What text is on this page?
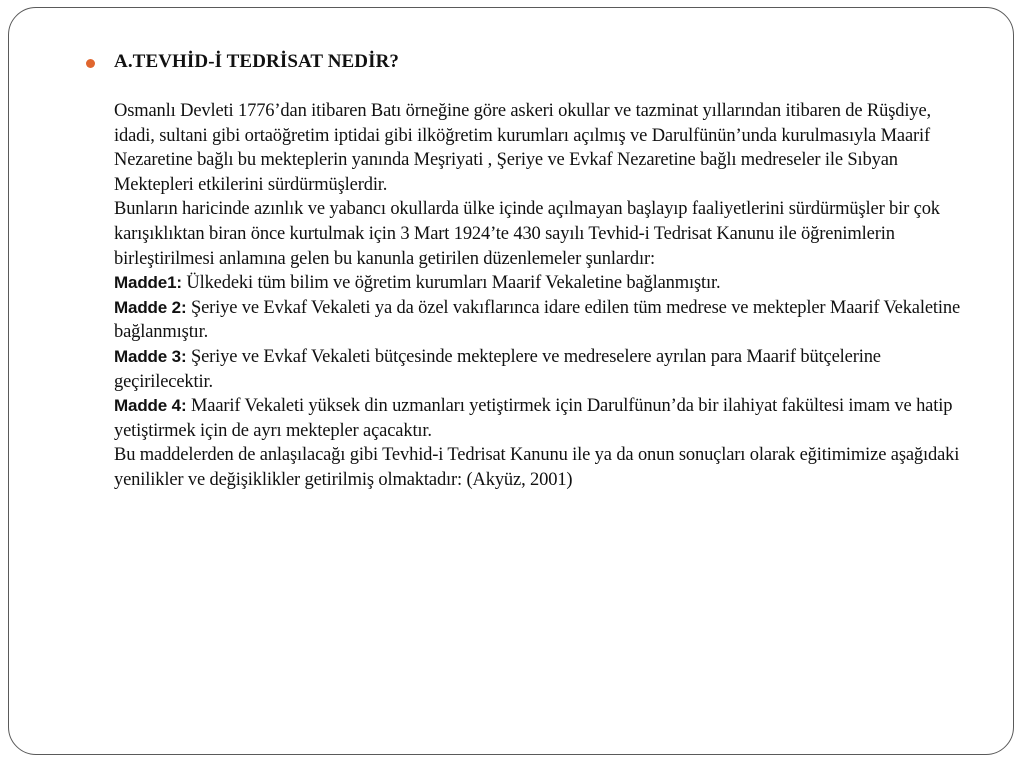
A.TEVHİD-İ TEDRİSAT NEDİR?

Osmanlı Devleti 1776’dan itibaren Batı örneğine göre askeri okullar ve tazminat yıllarından itibaren de Rüşdiye, idadi, sultani gibi ortaöğretim iptidai gibi ilköğretim kurumları açılmış ve Darulfünün’unda kurulmasıyla Maarif Nezaretine bağlı bu mekteplerin yanında Meşriyati , Şeriye ve Evkaf Nezaretine bağlı medreseler ile Sıbyan Mektepleri etkilerini sürdürmüşlerdir.

Bunların haricinde azınlık ve yabancı okullarda ülke içinde açılmayan başlayıp faaliyetlerini sürdürmüşler bir çok karışıklıktan biran önce kurtulmak için 3 Mart 1924’te 430 sayılı Tevhid-i Tedrisat Kanunu ile öğrenimlerin birleştirilmesi anlamına gelen bu kanunla getirilen düzenlemeler şunlardır:

Madde1: Ülkedeki tüm bilim ve öğretim kurumları Maarif Vekaletine bağlanmıştır.

Madde 2: Şeriye ve Evkaf Vekaleti ya da özel vakıflarınca idare edilen tüm medrese ve mektepler Maarif Vekaletine bağlanmıştır.

Madde 3: Şeriye ve Evkaf Vekaleti bütçesinde mekteplere ve medreselere ayrılan para Maarif bütçelerine geçirilecektir.

Madde 4: Maarif Vekaleti yüksek din uzmanları yetiştirmek için Darulfünun’da bir ilahiyat fakültesi imam ve hatip yetiştirmek için de ayrı mektepler açacaktır.

Bu maddelerden de anlaşılacağı gibi Tevhid-i Tedrisat Kanunu ile ya da onun sonuçları olarak eğitimimize aşağıdaki yenilikler ve değişiklikler getirilmiş olmaktadır: (Akyüz, 2001)
